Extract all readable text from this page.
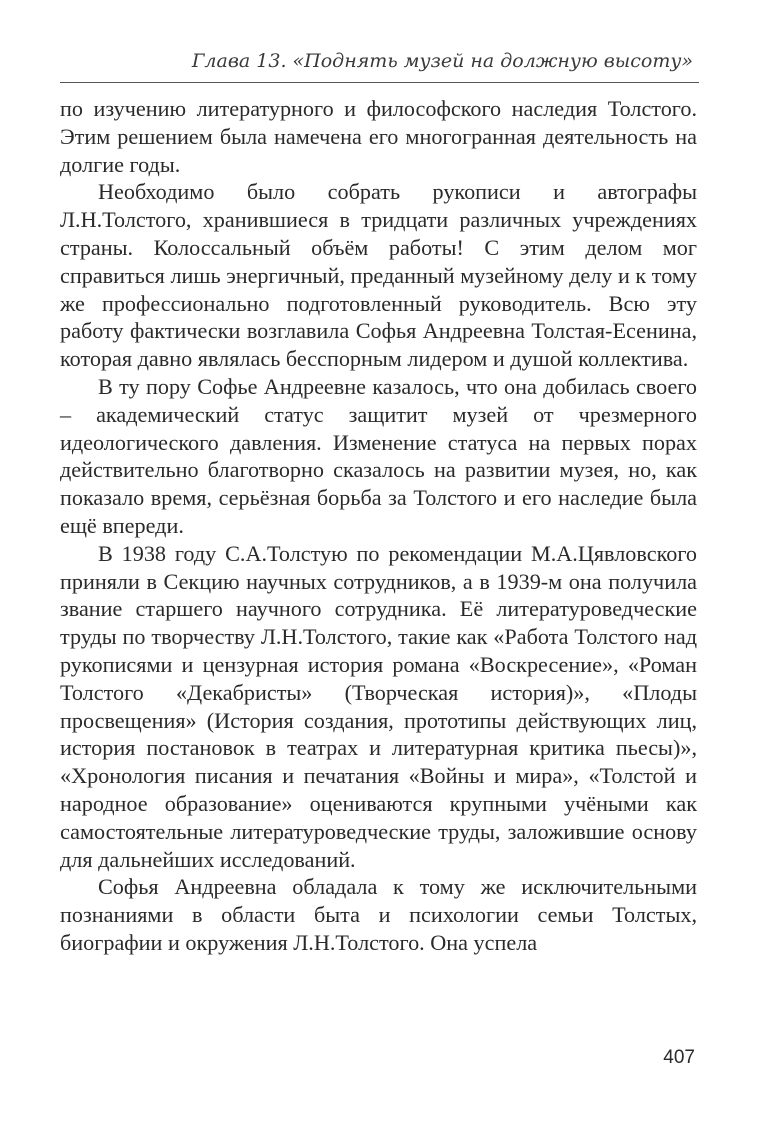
Глава 13. «Поднять музей на должную высоту»

по изучению литературного и философского наследия Толстого. Этим решением была намечена его многогранная деятельность на долгие годы.

Необходимо было собрать рукописи и автографы Л.Н.Толстого, хранившиеся в тридцати различных учреждениях страны. Колоссальный объём работы! С этим делом мог справиться лишь энергичный, преданный музейному делу и к тому же профессионально подготовленный руководитель. Всю эту работу фактически возглавила Софья Андреевна Толстая-Есенина, которая давно являлась бесспорным лидером и душой коллектива.

В ту пору Софье Андреевне казалось, что она добилась своего – академический статус защитит музей от чрезмерного идеологического давления. Изменение статуса на первых порах действительно благотворно сказалось на развитии музея, но, как показало время, серьёзная борьба за Толстого и его наследие была ещё впереди.

В 1938 году С.А.Толстую по рекомендации М.А.Цявловского приняли в Секцию научных сотрудников, а в 1939-м она получила звание старшего научного сотрудника. Её литературоведческие труды по творчеству Л.Н.Толстого, такие как «Работа Толстого над рукописями и цензурная история романа «Воскресение», «Роман Толстого «Декабристы» (Творческая история)», «Плоды просвещения» (История создания, прототипы действующих лиц, история постановок в театрах и литературная критика пьесы)», «Хронология писания и печатания «Войны и мира», «Толстой и народное образование» оцениваются крупными учёными как самостоятельные литературоведческие труды, заложившие основу для дальнейших исследований.

Софья Андреевна обладала к тому же исключительными познаниями в области быта и психологии семьи Толстых, биографии и окружения Л.Н.Толстого. Она успела

407
